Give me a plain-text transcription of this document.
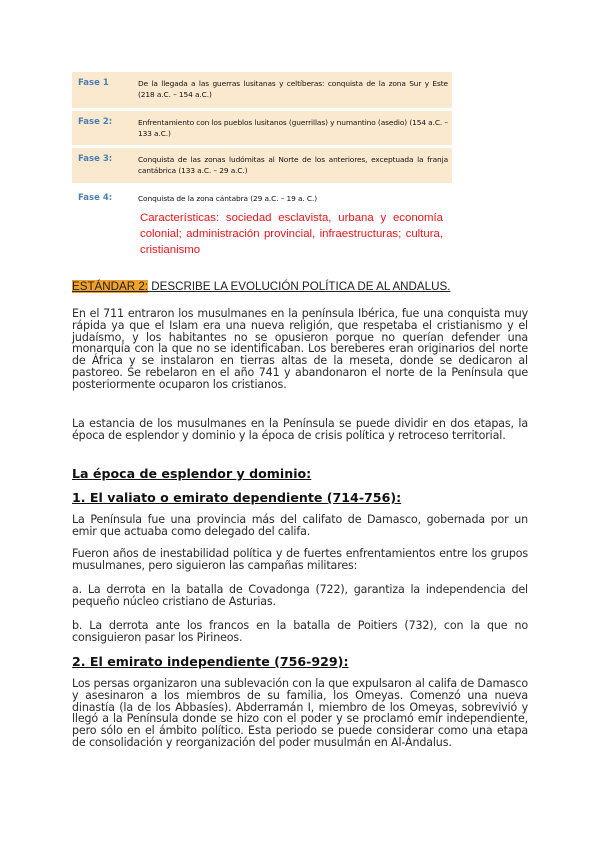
Fase 1	De la llegada a las guerras lusitanas y celtíberas: conquista de la zona Sur y Este (218 a.C. – 154 a.C.)
Fase 2:	Enfrentamiento con los pueblos lusitanos (guerrillas) y numantino (asedio) (154 a.C. – 133 a.C.)
Fase 3:	Conquista de las zonas ludómitas al Norte de los anteriores, exceptuada la franja cantábrica (133 a.C. – 29 a.C.)
Fase 4:	Conquista de la zona cántabra (29 a.C. – 19 a. C.)
Características: sociedad esclavista, urbana y economía colonial; administración provincial, infraestructuras; cultura, cristianismo
ESTÁNDAR 2: DESCRIBE LA EVOLUCIÓN POLÍTICA DE AL ANDALUS.

En el 711 entraron los musulmanes en la península Ibérica, fue una conquista muy rápida ya que el Islam era una nueva religión, que respetaba el cristianismo y el judaísmo, y los habitantes no se opusieron porque no querían defender una monarquía con la que no se identificaban. Los bereberes eran originarios del norte de África y se instalaron en tierras altas de la meseta, donde se dedicaron al pastoreo. Se rebelaron en el año 741 y abandonaron el norte de la Península que posteriormente ocuparon los cristianos.

La estancia de los musulmanes en la Península se puede dividir en dos etapas, la época de esplendor y dominio y la época de crisis política y retroceso territorial.

La época de esplendor y dominio:

1. El valiato o emirato dependiente (714-756):

La Península fue una provincia más del califato de Damasco, gobernada por un emir que actuaba como delegado del califa.

Fueron años de inestabilidad política y de fuertes enfrentamientos entre los grupos musulmanes, pero siguieron las campañas militares:

a. La derrota en la batalla de Covadonga (722), garantiza la independencia del pequeño núcleo cristiano de Asturias.

b. La derrota ante los francos en la batalla de Poitiers (732), con la que no consiguieron pasar los Pirineos.

2. El emirato independiente (756-929):

Los persas organizaron una sublevación con la que expulsaron al califa de Damasco y asesinaron a los miembros de su familia, los Omeyas. Comenzó una nueva dinastía (la de los Abbasíes). Abderramán I, miembro de los Omeyas, sobrevivió y llegó a la Península donde se hizo con el poder y se proclamó emir independiente, pero sólo en el ámbito político. Esta periodo se puede considerar como una etapa de consolidación y reorganización del poder musulmán en Al-Ándalus.
